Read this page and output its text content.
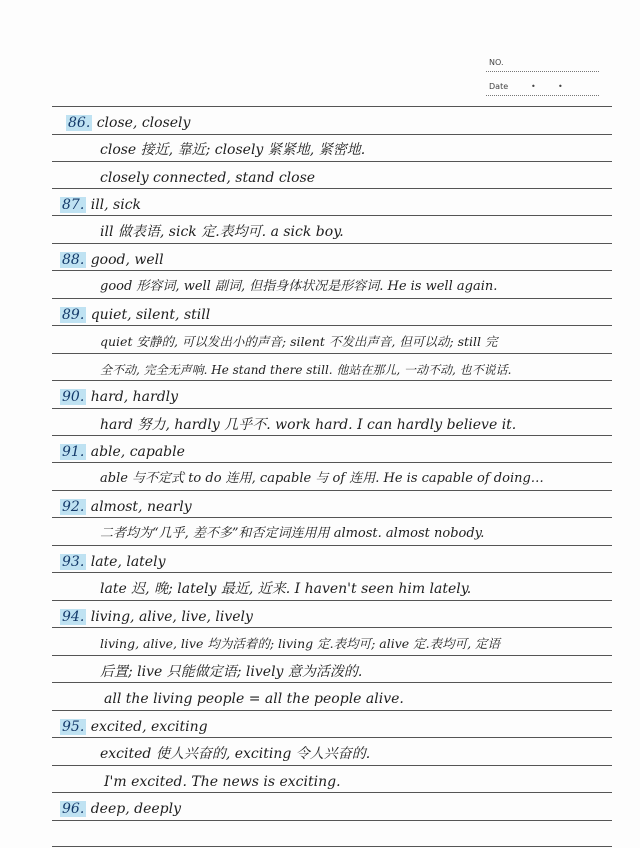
NO.
Date	•	•
86. close, closely
close 接近, 靠近; closely 紧紧地, 紧密地.
closely connected, stand close
87. ill, sick
ill 做表语, sick 定.表均可. a sick boy.
88. good, well
good 形容词, well 副词, 但指身体状况是形容词. He is well again.
89. quiet, silent, still
quiet 安静的, 可以发出小的声音; silent 不发出声音, 但可以动; still 完
全不动, 完全无声响. He stand there still. 他站在那儿, 一动不动, 也不说话.
90. hard, hardly
hard 努力, hardly 几乎不. work hard. I can hardly believe it.
91. able, capable
able 与不定式 to do 连用, capable 与 of 连用. He is capable of doing…
92. almost, nearly
二者均为“几乎, 差不多”和否定词连用用 almost. almost nobody.
93. late, lately
late 迟, 晚; lately 最近, 近来. I haven't seen him lately.
94. living, alive, live, lively
living, alive, live 均为活着的; living 定.表均可; alive 定.表均可, 定语
后置; live 只能做定语; lively 意为活泼的.
all the living people = all the people alive.
95. excited, exciting
excited 使人兴奋的, exciting 令人兴奋的.
I'm excited. The news is exciting.
96. deep, deeply
